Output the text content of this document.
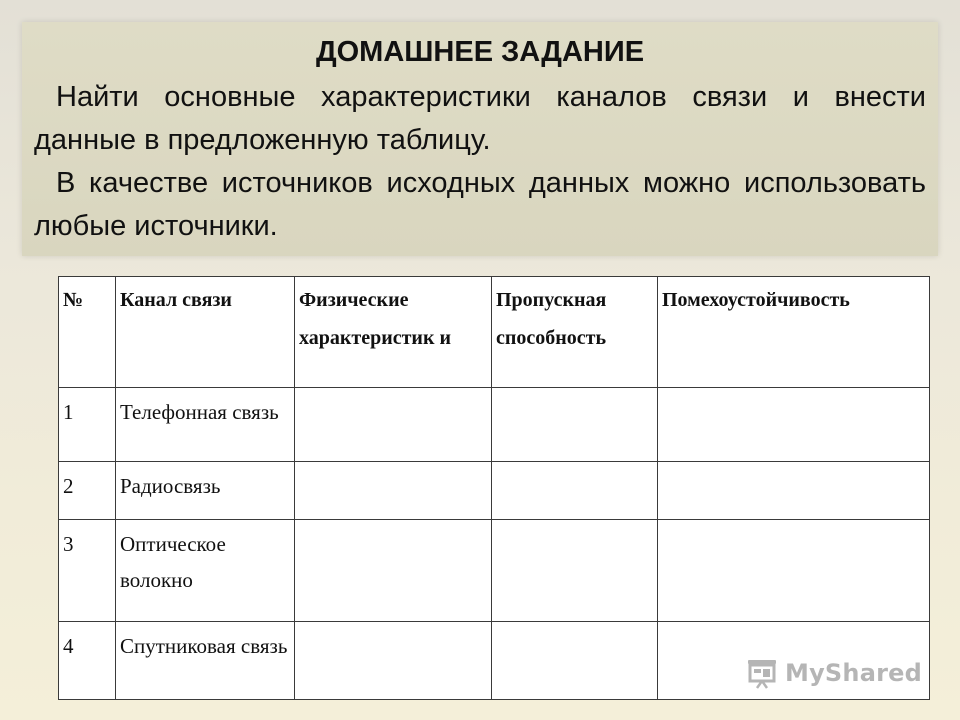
ДОМАШНЕЕ ЗАДАНИЕ

Найти основные характеристики каналов связи и внести данные в предложенную таблицу.

В качестве источников исходных данных можно использовать любые источники.

№	Канал связи	Физические характеристик и	Пропускная способность	Помехоустойчивость
1	Телефонная связь			
2	Радиосвязь			
3	Оптическое волокно			
4	Спутниковая связь			
MyShared
